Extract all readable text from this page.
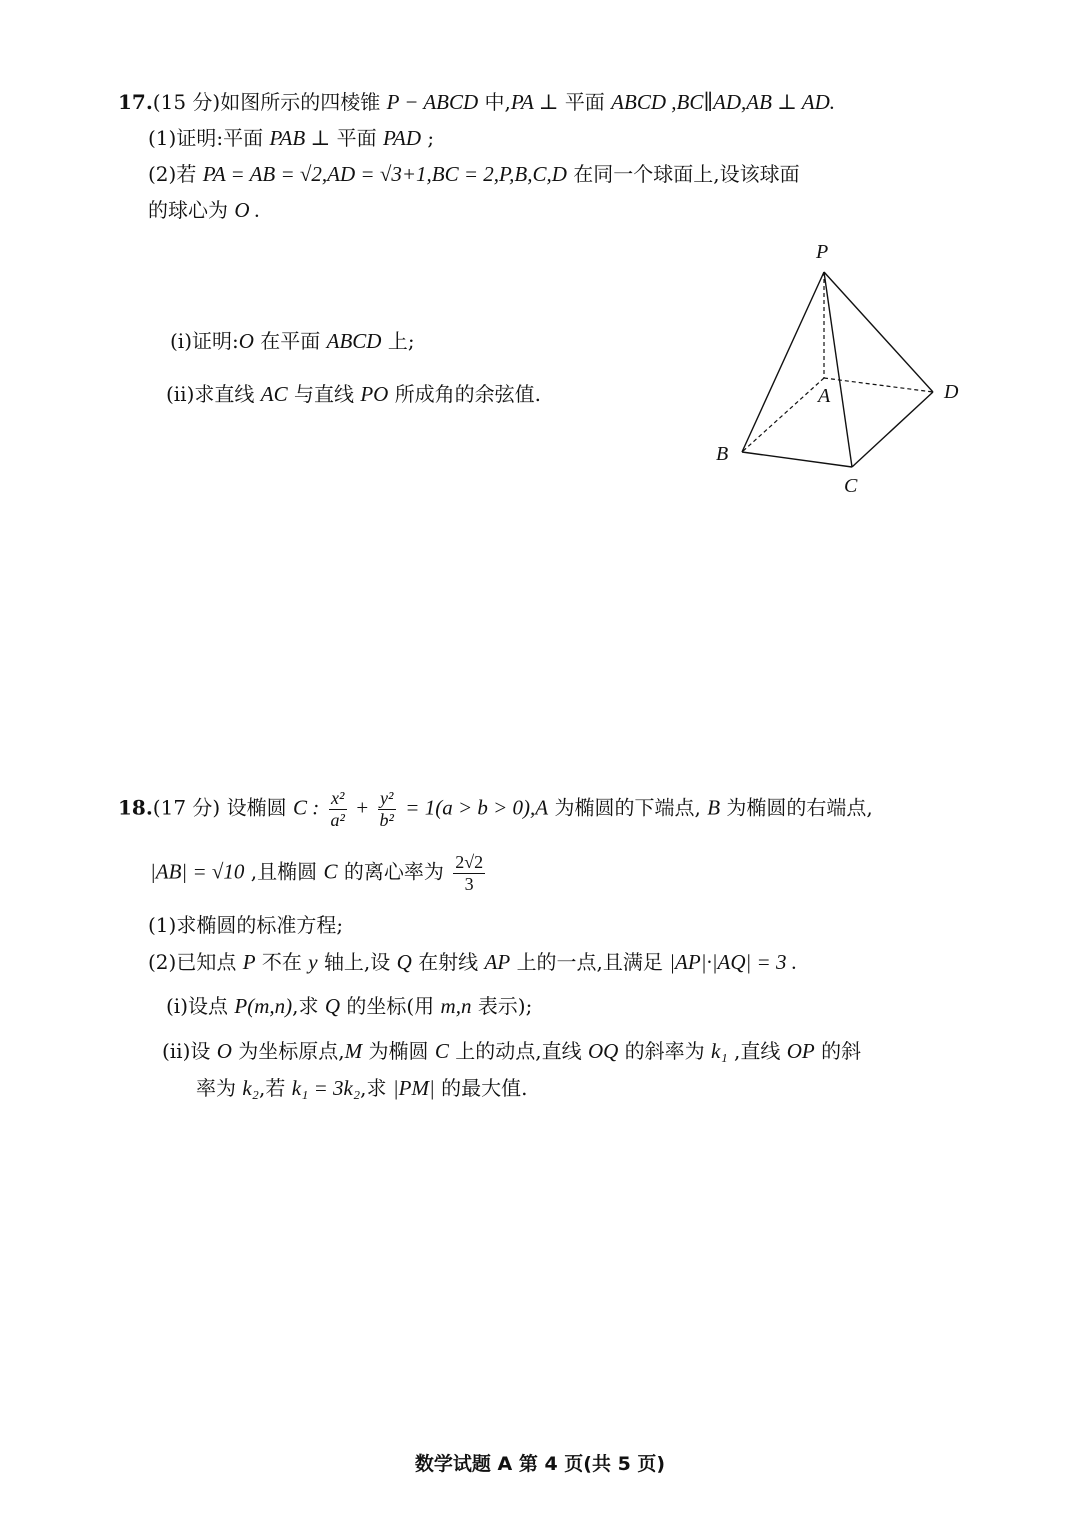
17.(15 分)如图所示的四棱锥 P − ABCD 中,PA ⊥ 平面 ABCD ,BC∥AD,AB ⊥ AD.
(1)证明:平面 PAB ⊥ 平面 PAD ;
(2)若 PA = AB = √2,AD = √3+1,BC = 2,P,B,C,D 在同一个球面上,设该球面
的球心为 O .
(ⅰ)证明:O 在平面 ABCD 上;
(ⅱ)求直线 AC 与直线 PO 所成角的余弦值.
P
A
B
C
D
18.(17 分) 设椭圆 C : $\frac{\text{x²}}{\text{a²}} + \frac{\text{y²}}{\text{b²}} = 1(a > b > 0),A$ 为椭圆的下端点, B 为椭圆的右端点,
|AB| = √10 ,且椭圆 C 的离心率为 $\frac{2√2}{3}$
(1)求椭圆的标准方程;
(2)已知点 P 不在 y 轴上,设 Q 在射线 AP 上的一点,且满足 |AP|·|AQ| = 3 .
(ⅰ)设点 P(m,n),求 Q 的坐标(用 m,n 表示);
(ⅱ)设 O 为坐标原点,M 为椭圆 C 上的动点,直线 OQ 的斜率为 k₁ ,直线 OP 的斜
率为 k₂,若 k₁ = 3k₂,求 |PM| 的最大值.
数学试题 A 第 4 页(共 5 页)
